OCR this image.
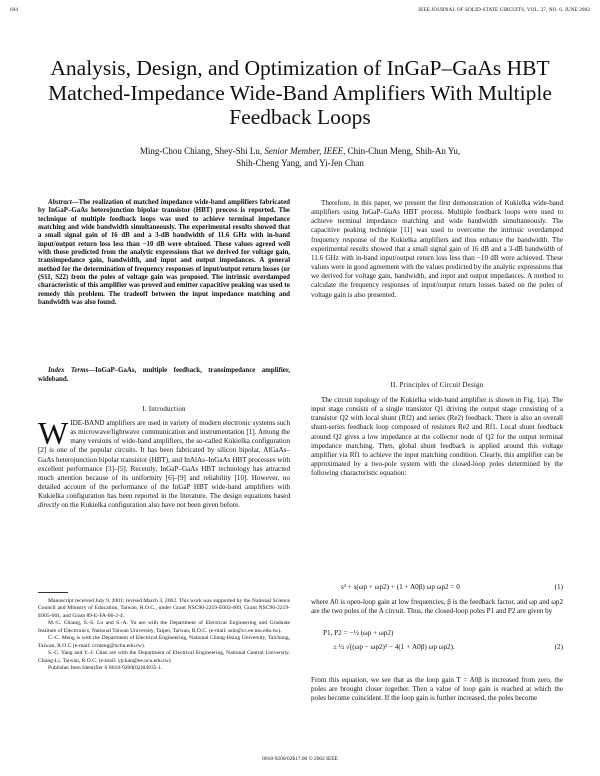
694	IEEE JOURNAL OF SOLID-STATE CIRCUITS, VOL. 37, NO. 6, JUNE 2002
Analysis, Design, and Optimization of InGaP–GaAs HBT Matched-Impedance Wide-Band Amplifiers With Multiple Feedback Loops
Ming-Chou Chiang, Shey-Shi Lu, Senior Member, IEEE, Chin-Chun Meng, Shih-An Yu,
Shih-Cheng Yang, and Yi-Jen Chan
Abstract—The realization of matched impedance wide-band amplifiers fabricated by InGaP–GaAs heterojunction bipolar transistor (HBT) process is reported. The technique of multiple feedback loops was used to achieve terminal impedance matching and wide bandwidth simultaneously. The experimental results showed that a small signal gain of 16 dB and a 3-dB bandwidth of 11.6 GHz with in-band input/output return loss less than −10 dB were obtained. These values agreed well with those predicted from the analytic expressions that we derived for voltage gain, transimpedance gain, bandwidth, and input and output impedances. A general method for the determination of frequency responses of input/output return losses (or (S11, S22) from the poles of voltage gain was proposed. The intrinsic overdamped characteristic of this amplifier was proved and emitter capacitive peaking was used to remedy this problem. The tradeoff between the input impedance matching and bandwidth was also found.
Index Terms—InGaP–GaAs, multiple feedback, transimpedance amplifier, wideband.
I. Introduction
WIDE-BAND amplifiers are used in variety of modern electronic systems such as microwave/lightwave communication and instrumentation [1]. Among the many versions of wide-band amplifiers, the so-called Kukielka configuration [2] is one of the popular circuits. It has been fabricated by silicon bipolar, AlGaAs–GaAs heterojunction bipolar transistor (HBT), and InAlAs–InGaAs HBT processes with excellent performance [3]–[5]. Recently, InGaP–GaAs HBT technology has attracted much attention because of its uniformity [6]–[9] and reliability [10]. However, no detailed account of the performance of the InGaP HBT wide-band amplifiers with Kukielka configuration has been reported in the literature. The design equations based directly on the Kukielka configuration also have not been given before.

Manuscript received July 9, 2001; revised March 3, 2002. This work was supported by the National Science Council and Ministry of Education, Taiwan, R.O.C., under Grant NSC90-2219-E002-009, Grant NSC90-2219-E005-001, and Grant 89-E-FA-06-2-4.

M.-C. Chiang, S.-S. Lu and S.-A. Yu are with the Department of Electrical Engineering and Graduate Institute of Electronics, National Taiwan University, Taipei, Taiwan, R.O.C. (e-mail: sslu@cc.ee.ntu.edu.tw).

C.-C. Meng is with the Department of Electrical Engineering, National Chung-Hsing University, Taichung, Taiwan, R.O.C (e-mail: ccmeng@nchu.edu.tw).

S.-C. Yang and Y.-J. Chan are with the Department of Electrical Engineering, National Central University, Chung-Li, Taiwan, R.O.C. (e-mail: yjchan@ee.ncu.edu.tw).

Publisher Item Identifier S 0018-9200(02)04935-1.

Therefore, in this paper, we present the first demonstration of Kukielka wide-band amplifiers using InGaP–GaAs HBT process. Multiple feedback loops were used to achieve terminal impedance matching and wide bandwidth simultaneously. The capacitive peaking technique [11] was used to overcome the intrinsic overdamped frequency response of the Kukielka amplifiers and thus enhance the bandwidth. The experimental results showed that a small signal gain of 16 dB and a 3-dB bandwidth of 11.6 GHz with in-band input/output return loss less than −10 dB were achieved. These values were in good agreement with the values predicted by the analytic expressions that we derived for voltage gain, bandwidth, and input and output impedances. A method to calculate the frequency responses of input/output return losses based on the poles of voltage gain is also presented.

II. Principles of Circuit Design

The circuit topology of the Kukielka wide-band amplifier is shown in Fig. 1(a). The input stage consists of a single transistor Q1 driving the output stage consisting of a transistor Q2 with local shunt (Rf2) and series (Re2) feedback. There is also an overall shunt-series feedback loop composed of resistors Re2 and Rf1. Local shunt feedback around Q2 gives a low impedance at the collector node of Q2 for the output terminal impedance matching. Then, global shunt feedback is applied around this voltage amplifier via Rf1 to achieve the input matching condition. Clearly, this amplifier can be approximated by a two-pole system with the closed-loop poles determined by the following characteristic equation:

s² + s(ωp + ωp2) + (1 + A0β) ωp ωp2 = 0	(1)

where A0 is open-loop gain at low frequencies, β is the feedback factor, and ωp and ωp2 are the two poles of the A circuit. Thus, the closed-loop poles P1 and P2 are given by

P1, P2 = −½ (ωp + ωp2)
± ½ √((ωp − ωp2)² − 4(1 + A0β) ωp ωp2).	(2)

From this equation, we see that as the loop gain T = A0β is increased from zero, the poles are brought closer together. Then a value of loop gain is reached at which the poles become coincident. If the loop gain is further increased, the poles become

0018-9200/02$17.00 © 2002 IEEE
